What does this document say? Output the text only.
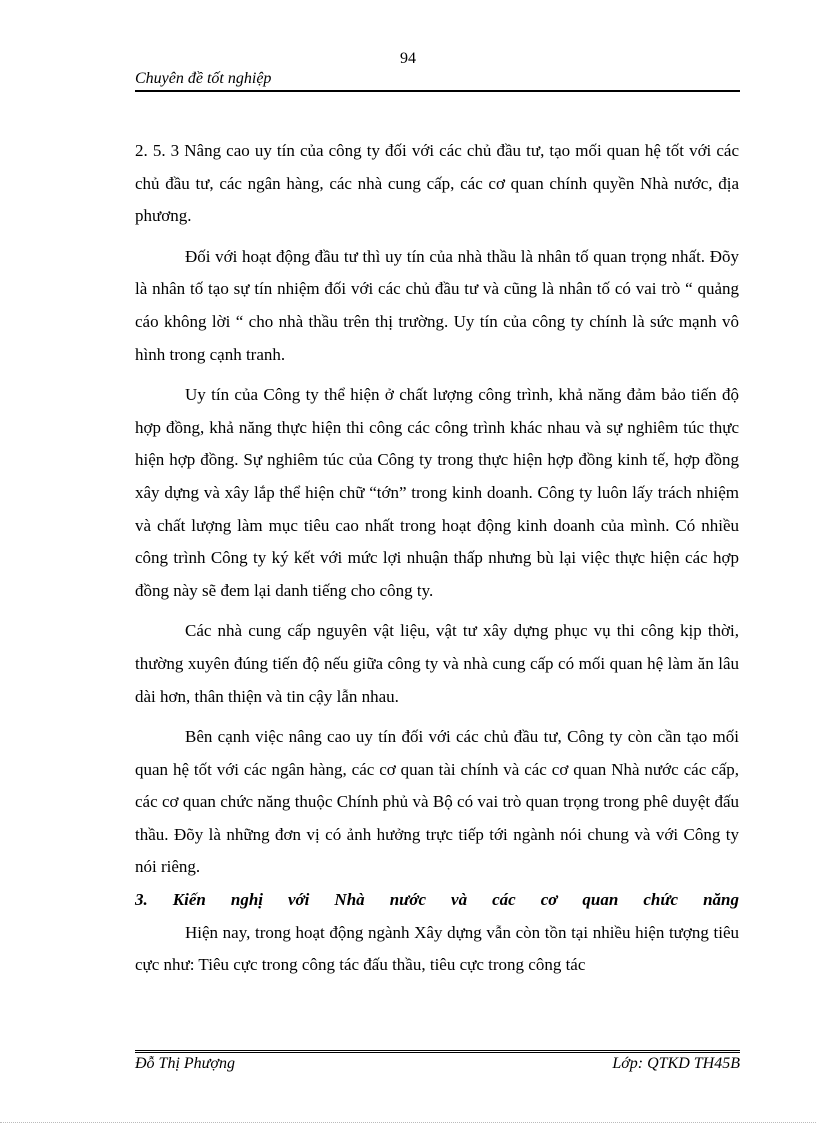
94
Chuyên đề tốt nghiệp

2. 5. 3 Nâng cao uy tín của công ty đối với các chủ đầu tư, tạo mối quan hệ tốt với các chủ đầu tư, các ngân hàng, các nhà cung cấp, các cơ quan chính quyền Nhà nước, địa phương.

Đối với hoạt động đầu tư thì uy tín của nhà thầu là nhân tố quan trọng nhất. Đõy là nhân tố tạo sự tín nhiệm đối với các chủ đầu tư và cũng là nhân tố có vai trò “ quảng cáo không lời “ cho nhà thầu trên thị trường. Uy tín của công ty chính là sức mạnh vô hình trong cạnh tranh.

Uy tín của Công ty thể hiện ở chất lượng công trình, khả năng đảm bảo tiến độ hợp đồng, khả năng thực hiện thi công các công trình khác nhau và sự nghiêm túc thực hiện hợp đồng. Sự nghiêm túc của Công ty trong thực hiện hợp đồng kinh tế, hợp đồng xây dựng và xây lắp thể hiện chữ “tớn” trong kinh doanh. Công ty luôn lấy trách nhiệm và chất lượng làm mục tiêu cao nhất trong hoạt động kinh doanh của mình. Có nhiều công trình Công ty ký kết với mức lợi nhuận thấp nhưng bù lại việc thực hiện các hợp đồng này sẽ đem lại danh tiếng cho công ty.

Các nhà cung cấp nguyên vật liệu, vật tư xây dựng phục vụ thi công kịp thời, thường xuyên đúng tiến độ nếu giữa công ty và nhà cung cấp có mối quan hệ làm ăn lâu dài hơn, thân thiện và tin cậy lẫn nhau.

Bên cạnh việc nâng cao uy tín đối với các chủ đầu tư, Công ty còn cần tạo mối quan hệ tốt với các ngân hàng, các cơ quan tài chính và các cơ quan Nhà nước các cấp, các cơ quan chức năng thuộc Chính phủ và Bộ có vai trò quan trọng trong phê duyệt đấu thầu. Đõy là những đơn vị có ảnh hưởng trực tiếp tới ngành nói chung và với Công ty nói riêng.

3. Kiến nghị với Nhà nước và các cơ quan chức năng

Hiện nay, trong hoạt động ngành Xây dựng vẫn còn tồn tại nhiều hiện tượng tiêu cực như: Tiêu cực trong công tác đấu thầu, tiêu cực trong công tác

Đỗ Thị Phượng	Lớp: QTKD TH45B
